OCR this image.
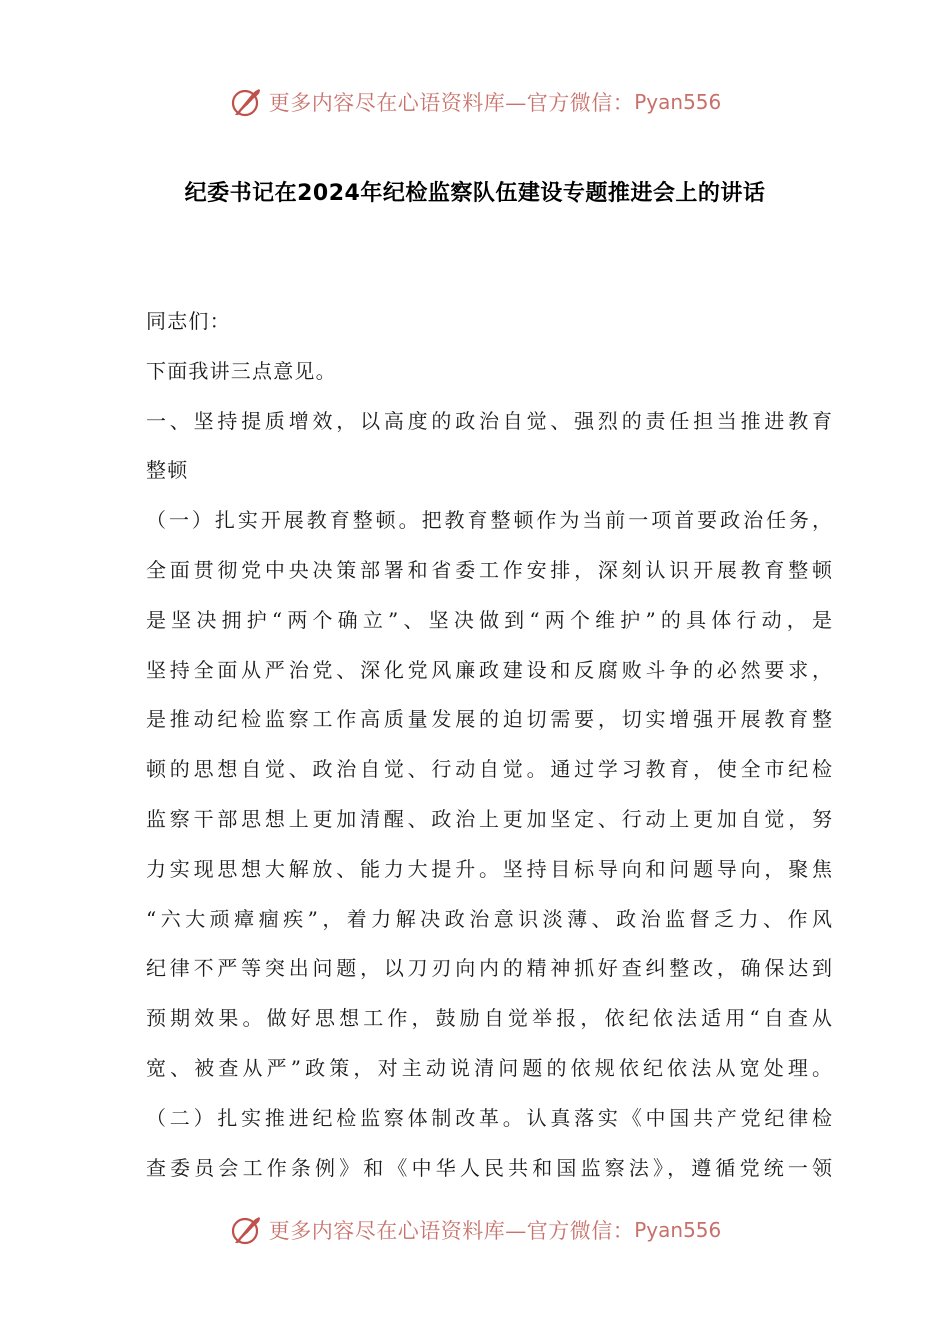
更多内容尽在心语资料库—官方微信： Pyan556
纪委书记在2024年纪检监察队伍建设专题推进会上的讲话
同志们：
下面我讲三点意见。
一、坚持提质增效，以高度的政治自觉、强烈的责任担当推进教育
整顿
（一）扎实开展教育整顿。把教育整顿作为当前一项首要政治任务，
全面贯彻党中央决策部署和省委工作安排，深刻认识开展教育整顿
是坚决拥护“两个确立”、坚决做到“两个维护”的具体行动，是
坚持全面从严治党、深化党风廉政建设和反腐败斗争的必然要求，
是推动纪检监察工作高质量发展的迫切需要，切实增强开展教育整
顿的思想自觉、政治自觉、行动自觉。通过学习教育，使全市纪检
监察干部思想上更加清醒、政治上更加坚定、行动上更加自觉，努
力实现思想大解放、能力大提升。坚持目标导向和问题导向，聚焦
“六大顽瘴痼疾”，着力解决政治意识淡薄、政治监督乏力、作风
纪律不严等突出问题，以刀刃向内的精神抓好查纠整改，确保达到
预期效果。做好思想工作，鼓励自觉举报，依纪依法适用“自查从
宽、被查从严”政策，对主动说清问题的依规依纪依法从宽处理。
（二）扎实推进纪检监察体制改革。认真落实《中国共产党纪律检
查委员会工作条例》和《中华人民共和国监察法》，遵循党统一领
更多内容尽在心语资料库—官方微信： Pyan556
